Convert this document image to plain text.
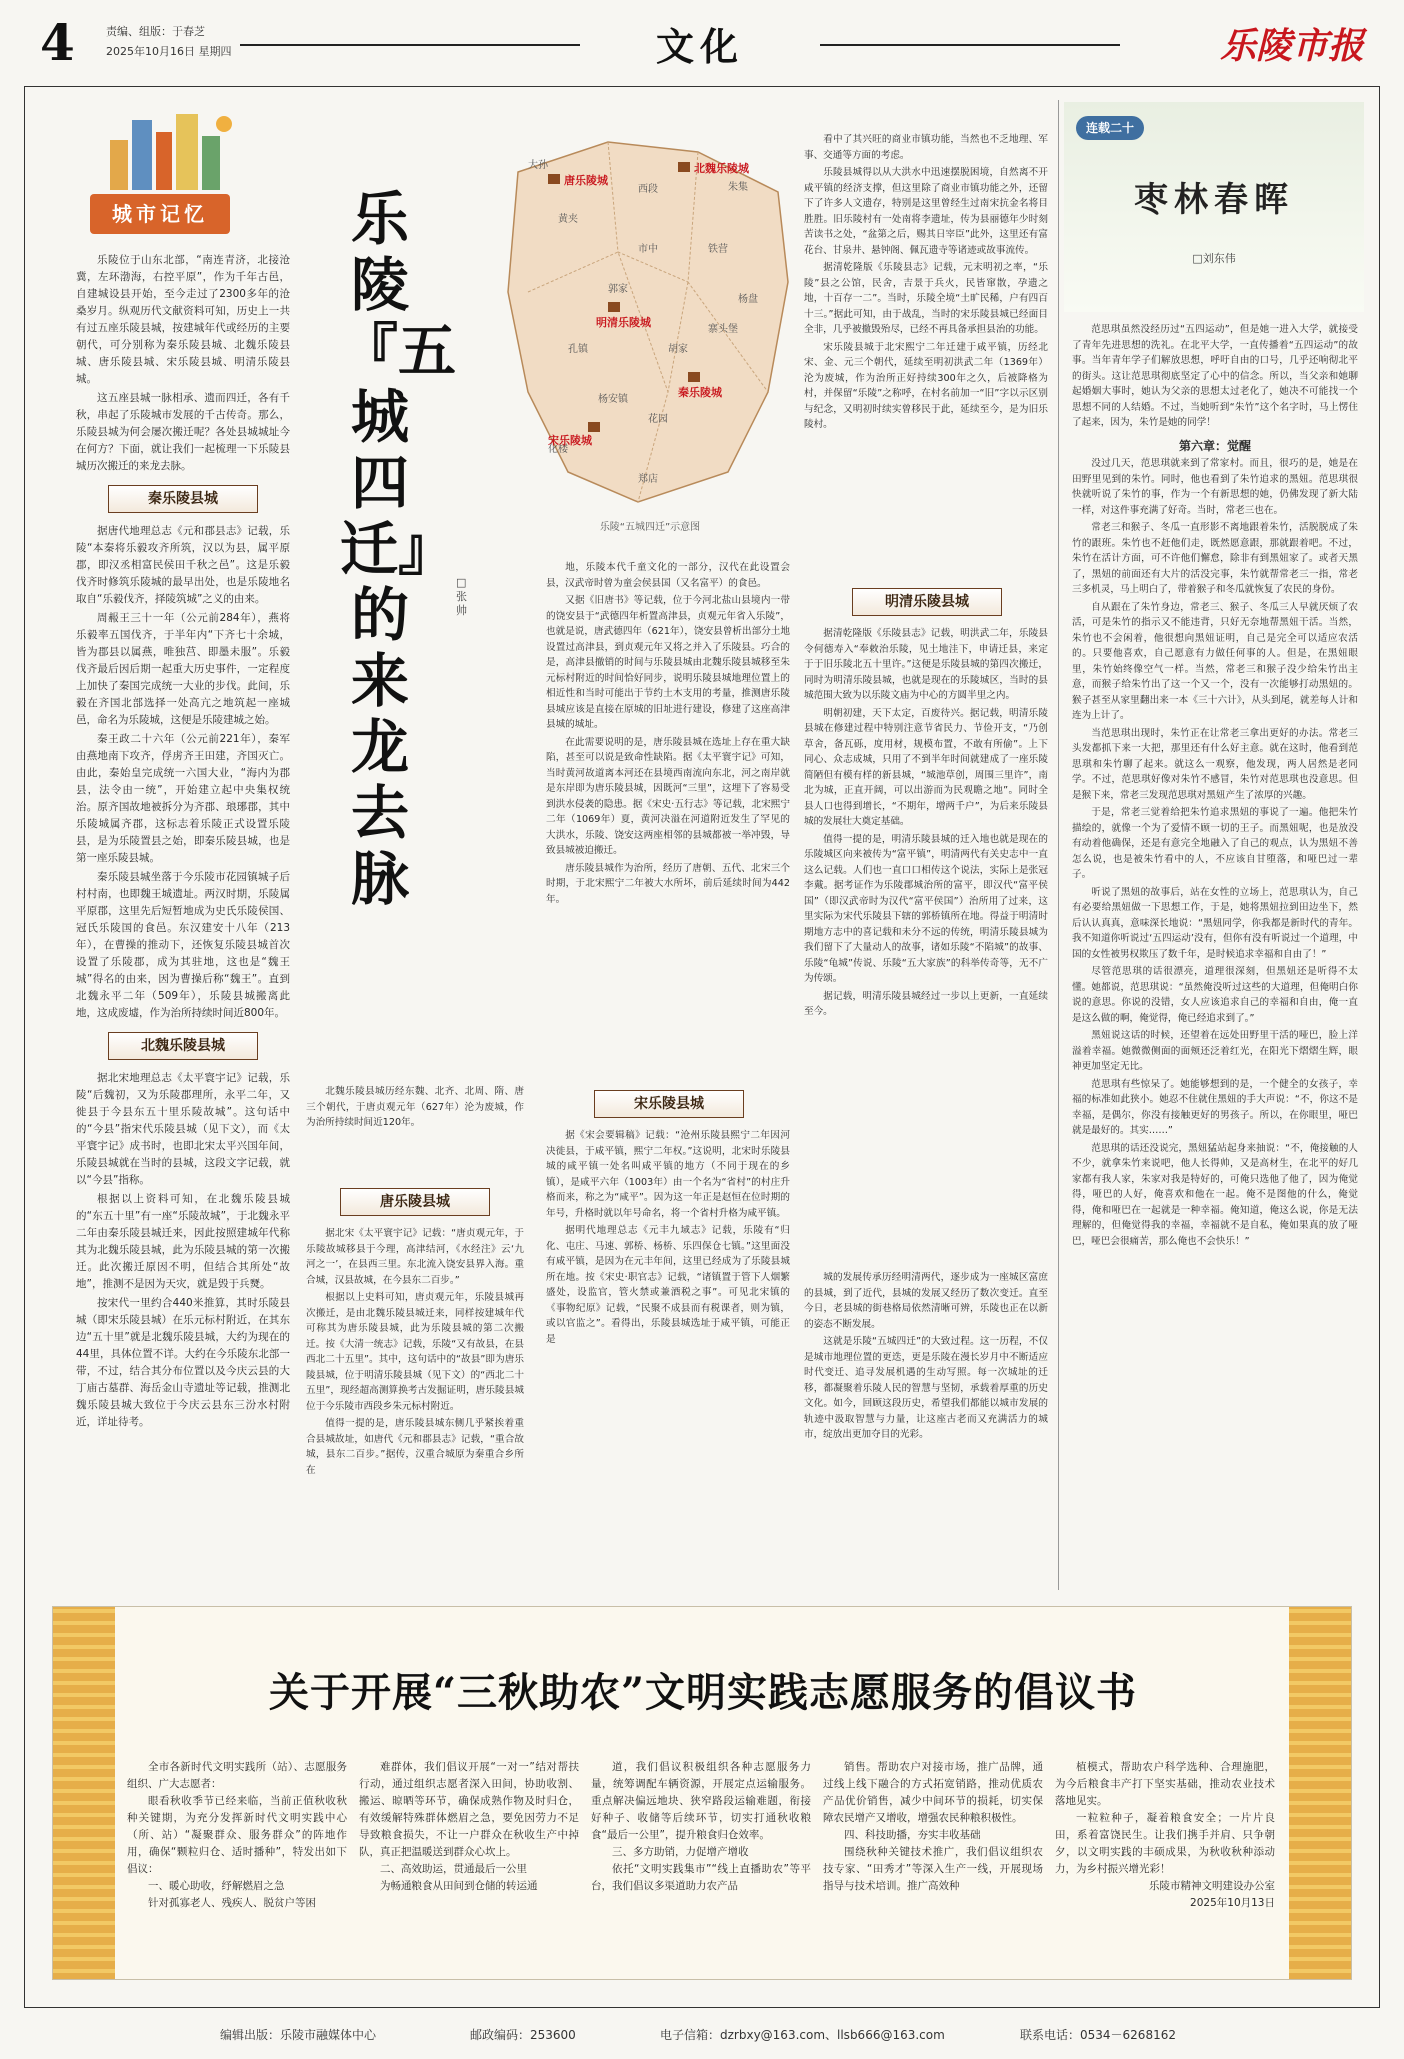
4	责编、组版：于春芝
2025年10月16日 星期四	文化	乐陵市报
城市记忆

乐陵位于山东北部，“南连青济，北接沧冀，左环渤海，右控平原”，作为千年古邑，自建城设县开始，至今走过了2300多年的沧桑岁月。纵观历代文献资料可知，历史上一共有过五座乐陵县城，按建城年代或经历的主要朝代，可分别称为秦乐陵县城、北魏乐陵县城、唐乐陵县城、宋乐陵县城、明清乐陵县城。

这五座县城一脉相承、遗而四迁，各有千秋，串起了乐陵城市发展的千古传奇。那么，乐陵县城为何会屡次搬迁呢？各处县城城址今在何方？下面，就让我们一起梳理一下乐陵县城历次搬迁的来龙去脉。

秦乐陵县城

据唐代地理总志《元和郡县志》记载，乐陵“本秦将乐毅攻齐所筑，汉以为县，属平原郡，即汉丞相富民侯田千秋之邑”。这是乐毅伐齐时修筑乐陵城的最早出处，也是乐陵地名取自“乐毅伐齐，择陵筑城”之义的由来。

周赧王三十一年（公元前284年），燕将乐毅率五国伐齐，于半年内“下齐七十余城，皆为郡县以属燕，唯独莒、即墨未服”。乐毅伐齐最后因后期一起重大历史事件，一定程度上加快了秦国完成统一大业的步伐。此间，乐毅在齐国北部选择一处高亢之地筑起一座城邑，命名为乐陵城，这便是乐陵建城之始。

秦王政二十六年（公元前221年），秦军由燕地南下攻齐，俘虏齐王田建，齐国灭亡。由此，秦始皇完成统一六国大业，“海内为郡县，法令由一统”，开始建立起中央集权统治。原齐国故地被拆分为齐郡、琅琊郡，其中乐陵城属齐郡，这标志着乐陵正式设置乐陵县，是为乐陵置县之始，即秦乐陵县城，也是第一座乐陵县城。

秦乐陵县城坐落于今乐陵市花园镇城子后村村南，也即魏王城遗址。两汉时期，乐陵属平原郡，这里先后短暂地成为史氏乐陵侯国、冠氏乐陵国的食邑。东汉建安十八年（213年），在曹操的推动下，还恢复乐陵县城首次设置了乐陵郡，成为其驻地，这也是“魏王城”得名的由来，因为曹操后称“魏王”。直到北魏永平二年（509年），乐陵县城搬离此地，这成废墟，作为治所持续时间近800年。

北魏乐陵县城

据北宋地理总志《太平寰宇记》记载，乐陵“后魏初，又为乐陵郡理所，永平二年，又徙县于今县东五十里乐陵故城”。这句话中的“今县”指宋代乐陵县城（见下文），而《太平寰宇记》成书时，也即北宋太平兴国年间，乐陵县城就在当时的县城，这段文字记载，就以“今县”指称。

根据以上资料可知，在北魏乐陵县城的“东五十里”有一座“乐陵故城”，于北魏永平二年由秦乐陵县城迁来，因此按照建城年代称其为北魏乐陵县城，此为乐陵县城的第一次搬迁。此次搬迁原因不明，但结合其所处“故地”，推测不是因为天灾，就是毁于兵燹。

按宋代一里约合440米推算，其时乐陵县城（即宋乐陵县城）在乐元标村附近，在其东边“五十里”就是北魏乐陵县城，大约为现在的44里，具体位置不详。大约在今乐陵东北部一带，不过，结合其分布位置以及今庆云县的大丁庙古墓群、海岳金山寺遗址等记载，推测北魏乐陵县城大致位于今庆云县东三汾水村附近，详址待考。

乐陵『五城四迁』的来龙去脉
□张帅
大孙
黄夹
郭家
孔镇
杨安镇
化楼
铁营
西段	朱集
寨头堡
市中
杨盘
胡家
花园
郑店
唐乐陵城
北魏乐陵城
明清乐陵城
秦乐陵城
宋乐陵城
乐陵“五城四迁”示意图

地，乐陵本代千童文化的一部分，汉代在此设置会县，汉武帝时曾为童会侯县国（又名富平）的食邑。

又据《旧唐书》等记载，位于今河北盐山县境内一带的饶安县于“武德四年析置高津县，贞观元年省入乐陵”，也就是说，唐武德四年（621年），饶安县曾析出部分土地设置过高津县，到贞观元年又将之并入了乐陵县。巧合的是，高津县撤销的时间与乐陵县城由北魏乐陵县城移至朱元标村附近的时间恰好同步，说明乐陵县城地理位置上的相近性和当时可能出于节约土木支用的考量，推测唐乐陵县城应该是直接在原城的旧址进行建设，修建了这座高津县城的城址。

在此需要说明的是，唐乐陵县城在选址上存在重大缺陷，甚至可以说是致命性缺陷。据《太平寰宇记》可知，当时黄河故道离本河还在县境西南流向东北，河之南岸就是东岸即为唐乐陵县城，因既河“三里”，这埋下了容易受到洪水侵袭的隐患。据《宋史·五行志》等记载，北宋熙宁二年（1069年）夏，黄河决溢在河道附近发生了罕见的大洪水，乐陵、饶安这两座相邻的县城都被一举冲毁，导致县城被迫搬迁。

唐乐陵县城作为治所，经历了唐朝、五代、北宋三个时期，于北宋熙宁二年被大水所坏，前后延续时间为442年。

北魏乐陵县城历经东魏、北齐、北周、隋、唐三个朝代，于唐贞观元年（627年）沦为废城，作为治所持续时间近120年。

唐乐陵县城

据北宋《太平寰宇记》记载：“唐贞观元年，于乐陵故城移县于今理，高津结河，《水经注》云‘九河之一’，在县西三里。东北流入饶安县界入海。重合城，汉县故城，在今县东二百步。”

根据以上史料可知，唐贞观元年，乐陵县城再次搬迁，是由北魏乐陵县城迁来，同样按建城年代可称其为唐乐陵县城，此为乐陵县城的第二次搬迁。按《大清一统志》记载，乐陵“又有故县，在县西北二十五里”。其中，这句话中的“故县”即为唐乐陵县城，位于明清乐陵县城（见下文）的“西北二十五里”，现经超高测算换考古发掘证明，唐乐陵县城位于今乐陵市西段乡朱元标村附近。

值得一提的是，唐乐陵县城东侧几乎紧挨着重合县城故址，如唐代《元和郡县志》记载，“重合故城，县东二百步。”据传，汉重合城原为秦重合乡所在

宋乐陵县城

据《宋会要辑稿》记载：“沧州乐陵县熙宁二年因河决徙县，于咸平镇，熙宁二年权。”这说明，北宋时乐陵县城的咸平镇一处名叫咸平镇的地方（不同于现在的乡镇），是咸平六年（1003年）由一个名为“省村”的村庄升格而来，称之为“咸平”。因为这一年正是赵恒在位时期的年号，升格时就以年号命名，将一个省村升格为咸平镇。

据明代地理总志《元丰九域志》记载，乐陵有“归化、屯庄、马速、郭桥、杨桥、乐四保仓七镇。”这里面没有咸平镇，是因为在元丰年间，这里已经成为了乐陵县城所在地。按《宋史·职官志》记载，“诸镇置于管下人烟繁盛处，设监官，管火禁或兼酒税之事”。可见北宋镇的《事物纪原》记载，“民聚不成县而有税课者，则为镇，或以官监之”。看得出，乐陵县城选址于咸平镇，可能正是

看中了其兴旺的商业市镇功能，当然也不乏地理、军事、交通等方面的考虑。

乐陵县城得以从大洪水中迅速摆脱困境，自然离不开咸平镇的经济支撑，但这里除了商业市镇功能之外，还留下了许多人文遗存，特别是这里曾经生过南宋抗金名将目胜胜。旧乐陵村有一处南将李遗址，传为县丽德年少时刻苦读书之处，“盆第之后，赐其日宰臣”此外，这里还有富花台、甘泉井、悬钟阁、佩瓦遗寺等诸迹或故事流传。

据清乾隆版《乐陵县志》记载，元末明初之率，“乐陵”县之公馆，民舍，吉景于兵火，民皆窜散，孕遗之地，十百存一二”。当时，乐陵全境“土旷民稀，户有四百十三。”据此可知，由于战乱，当时的宋乐陵县城已经面目全非，几乎被撤毁殆尽，已经不再具备承担县治的功能。

宋乐陵县城于北宋熙宁二年迁建于咸平镇，历经北宋、金、元三个朝代，延续至明初洪武二年（1369年）沦为废城，作为治所正好持续300年之久，后被降格为村，并保留“乐陵”之称呼，在村名前加一“旧”字以示区别与纪念，又明初时续实曾移民于此，延续至今，是为旧乐陵村。

明清乐陵县城

据清乾隆版《乐陵县志》记载，明洪武二年，乐陵县令何德寿入“奉敕治乐陵，见土地洼下，申请迁县，来定于于旧乐陵北五十里许。”这便是乐陵县城的第四次搬迁，同时为明清乐陵县城，也就是现在的乐陵城区，当时的县城范围大致为以乐陵文庙为中心的方圆半里之内。

明朝初建，天下太定，百废待兴。据记载，明清乐陵县城在修建过程中特别注意节省民力、节俭开支，“乃创草舍，备瓦砾，度用材，规模布置，不敢有所偷”。上下同心、众志成城，只用了不到半年时间就建成了一座乐陵简陋但有模有样的新县城，“城池草创，周围三里许”，南北为城，正直开阔，可以出游而为民观瞻之地”。同时全县人口也得到增长，“不期年，增两千户”，为后来乐陵县城的发展壮大奠定基础。

值得一提的是，明清乐陵县城的迁入地也就是现在的乐陵城区向来被传为“富平镇”，明清两代有关史志中一直这么记载。人们也一直口口相传这个说法，实际上是张冠李戴。据考证作为乐陵郡城治所的富平，即汉代“富平侯国”（即汉武帝时为汉代“富平侯国”）治所用了过来，这里实际为宋代乐陵县下辖的郭桥镇所在地。得益于明清时期地方志中的喜记载和未分不远的传统，明清乐陵县城为我们留下了大量动人的故事，诸如乐陵“不陷城”的故事、乐陵“龟城”传说、乐陵“五大家族”的科举传奇等，无不广为传颂。

据记载，明清乐陵县城经过一步以上更新，一直延续至今。

城的发展传承历经明清两代，逐步成为一座城区富庶的县城，到了近代，县城的发展又经历了数次变迁。直至今日，老县城的街巷格局依然清晰可辨，乐陵也正在以新的姿态不断发展。

这就是乐陵“五城四迁”的大致过程。这一历程，不仅是城市地理位置的更迭，更是乐陵在漫长岁月中不断适应时代变迁、追寻发展机遇的生动写照。每一次城址的迁移，都凝聚着乐陵人民的智慧与坚韧，承载着厚重的历史文化。如今，回顾这段历史，希望我们都能以城市发展的轨迹中汲取智慧与力量，让这座古老而又充满活力的城市，绽放出更加夺目的光彩。

连载二十
枣林春晖
□刘东伟

范思琪虽然没经历过“五四运动”，但是她一进入大学，就接受了青年先进思想的洗礼。在北平大学，一直传播着“五四运动”的故事。当年青年学子们解放思想，呼吁自由的口号，几乎还响彻北平的街头。这让范思琪彻底坚定了心中的信念。所以，当父亲和她聊起婚姻大事时，她认为父亲的思想太过老化了，她决不可能找一个思想不同的人结婚。不过，当她听到“朱竹”这个名字时，马上愣住了起来，因为，朱竹是她的同学！

第六章：觉醒

没过几天，范思琪就来到了常家村。而且，很巧的是，她是在田野里见到的朱竹。同时，他也看到了朱竹追求的黑妞。范思琪很快就听说了朱竹的事，作为一个有新思想的她，仍佛发现了新大陆一样，对这件事充满了好奇。当时，常老三也在。

常老三和猴子、冬瓜一直形影不离地跟着朱竹，活脱脱成了朱竹的跟班。朱竹也不赶他们走，既然愿意跟，那就跟着吧。不过，朱竹在活计方面，可不许他们懈怠，除非有到黑妞家了。或者天黑了，黑妞的前面还有大片的活没完事，朱竹就帮常老三一指，常老三多机灵，马上明白了，带着猴子和冬瓜就恢复了农民的身份。

自从跟在了朱竹身边，常老三、猴子、冬瓜三人早就厌烦了农活，可是朱竹的指示又不能违背，只好无奈地帮黑妞干活。当然，朱竹也不会闲着，他很想向黑妞证明，自己是完全可以适应农活的。只要他喜欢，自己愿意有力做任何事的人。但是，在黑妞眼里，朱竹始终像空气一样。当然，常老三和猴子没少给朱竹出主意，而猴子给朱竹出了这一个又一个，没有一次能够打动黑妞的。猴子甚至从家里翻出来一本《三十六计》，从头到尾，就差每人计和连为上计了。

当范思琪出现时，朱竹正在让常老三拿出更好的办法。常老三头发都抓下来一大把，那里还有什么好主意。就在这时，他看到范思琪和朱竹聊了起来。就这么一观察，他发现，两人居然是老同学。不过，范思琪好像对朱竹不感冒，朱竹对范思琪也没意思。但是猴下来，常老三发现范思琪对黑妞产生了浓厚的兴趣。

于是，常老三觉着给把朱竹追求黑妞的事说了一遍。他把朱竹描绘的，就像一个为了爱情不顾一切的王子。而黑妞呢，也是放没有动着他确保，还是有意完全地融入了自己的观点，认为黑妞不善怎么说，也是被朱竹看中的人，不应该自甘堕落，和哑巴过一辈子。

听说了黑妞的故事后，站在女性的立场上，范思琪认为，自己有必要给黑妞做一下思想工作，于是，她将黑妞拉到田边坐下，然后认认真真，意味深长地说：“黑妞同学，你我都是新时代的青年。我不知道你听说过‘五四运动’没有，但你有没有听说过一个道理，中国的女性被男权欺压了数千年，是时候追求幸福和自由了！”

尽管范思琪的话很漂亮，道理很深刻，但黑妞还是听得不太懂。她都说，范思琪说：“虽然俺没听过这些的大道理，但俺明白你说的意思。你说的没错，女人应该追求自己的幸福和自由，俺一直是这么做的啊，俺觉得，俺已经追求到了。”

黑妞说这话的时候，还望着在远处田野里干活的哑巴，脸上洋溢着幸福。她微微侧面的面颊还泛着红光，在阳光下熠熠生辉，眼神更加坚定无比。

范思琪有些惊呆了。她能够想到的是，一个健全的女孩子，幸福的标准如此狭小。她忍不住就住黑妞的手大声说：“不，你这不是幸福，是偶尔，你没有接触更好的男孩子。所以，在你眼里，哑巴就是最好的。其实……”

范思琪的话还没说完，黑妞猛站起身来抽说：“不，俺接触的人不少，就拿朱竹来说吧，他人长得帅，又是高材生，在北平的好几家都有我人家，朱家对我是特好的，可俺只选他了他了，因为俺觉得，哑巴的人好，俺喜欢和他在一起。俺不是图他的什么，俺觉得，俺和哑巴在一起就是一种幸福。俺知道，俺这么说，你是无法理解的，但俺觉得我的幸福，幸福就不是自私，俺如果真的放了哑巴，哑巴会很痛苦，那么俺也不会快乐！”

关于开展“三秋助农”文明实践志愿服务的倡议书

全市各新时代文明实践所（站）、志愿服务组织、广大志愿者：

眼看秋收季节已经来临，当前正值秋收秋种关键期，为充分发挥新时代文明实践中心（所、站）“凝聚群众、服务群众”的阵地作用，确保“颗粒归仓、适时播种”，特发出如下倡议：

一、暖心助收，纾解燃眉之急

针对孤寡老人、残疾人、脱贫户等困

难群体，我们倡议开展“一对一”结对帮扶行动，通过组织志愿者深入田间，协助收割、搬运、晾晒等环节，确保成熟作物及时归仓，有效缓解特殊群体燃眉之急，要免因劳力不足导致粮食损失，不让一户群众在秋收生产中掉队，真正把温暖送到群众心坎上。

二、高效助运，贯通最后一公里

为畅通粮食从田间到仓储的转运通

道，我们倡议积极组织各种志愿服务力量，统筹调配车辆资源，开展定点运输服务。重点解决偏远地块、狭窄路段运输难题，衔接好种子、收储等后续环节，切实打通秋收粮食“最后一公里”，提升粮食归仓效率。

三、多方助销，力促增产增收

依托“文明实践集市”“线上直播助农”等平台，我们倡议多渠道助力农产品

销售。帮助农户对接市场，推广品牌，通过线上线下融合的方式拓宽销路，推动优质农产品优价销售，减少中间环节的损耗，切实保障农民增产又增收，增强农民种粮积极性。

四、科技助播，夯实丰收基础

围绕秋种关键技术推广，我们倡议组织农技专家、“田秀才”等深入生产一线，开展现场指导与技术培训。推广高效种

植模式，帮助农户科学选种、合理施肥，为今后粮食丰产打下坚实基础，推动农业技术落地见实。

一粒粒种子，凝着粮食安全；一片片良田，系着富饶民生。让我们携手并肩、只争朝夕，以文明实践的丰硕成果，为秋收秋种添动力，为乡村振兴增光彩！

乐陵市精神文明建设办公室

2025年10月13日

编辑出版：乐陵市融媒体中心	邮政编码：253600	电子信箱：dzrbxy@163.com、llsb666@163.com	联系电话：0534－6268162
